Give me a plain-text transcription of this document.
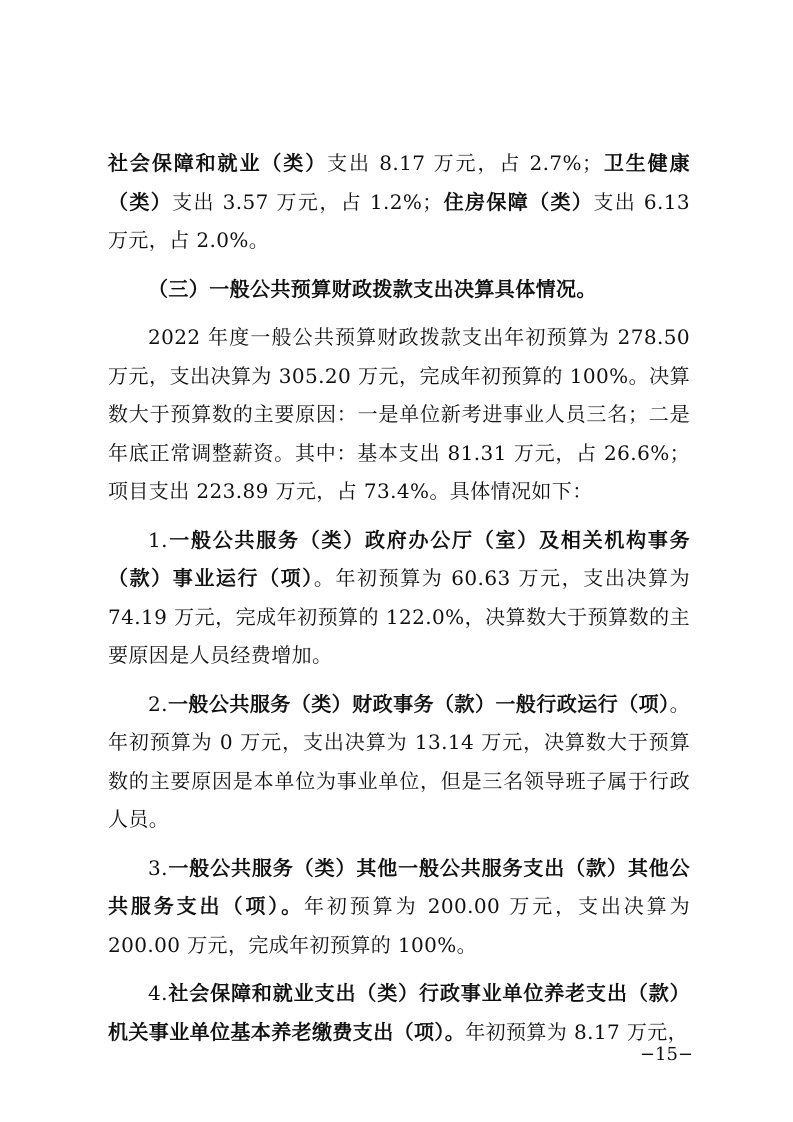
社会保障和就业（类）支出 8.17 万元，占 2.7%；卫生健康（类）支出 3.57 万元，占 1.2%；住房保障（类）支出 6.13 万元，占 2.0%。

（三）一般公共预算财政拨款支出决算具体情况。

2022 年度一般公共预算财政拨款支出年初预算为 278.50 万元，支出决算为 305.20 万元，完成年初预算的 100%。决算数大于预算数的主要原因：一是单位新考进事业人员三名；二是年底正常调整薪资。其中：基本支出 81.31 万元，占 26.6%；项目支出 223.89 万元，占 73.4%。具体情况如下：

1.一般公共服务（类）政府办公厅（室）及相关机构事务（款）事业运行（项）。年初预算为 60.63 万元，支出决算为 74.19 万元，完成年初预算的 122.0%，决算数大于预算数的主要原因是人员经费增加。

2.一般公共服务（类）财政事务（款）一般行政运行（项）。年初预算为 0 万元，支出决算为 13.14 万元，决算数大于预算数的主要原因是本单位为事业单位，但是三名领导班子属于行政人员。

3.一般公共服务（类）其他一般公共服务支出（款）其他公共服务支出（项）。年初预算为 200.00 万元，支出决算为 200.00 万元，完成年初预算的 100%。

4.社会保障和就业支出（类）行政事业单位养老支出（款）机关事业单位基本养老缴费支出（项）。年初预算为 8.17 万元，

−15−
